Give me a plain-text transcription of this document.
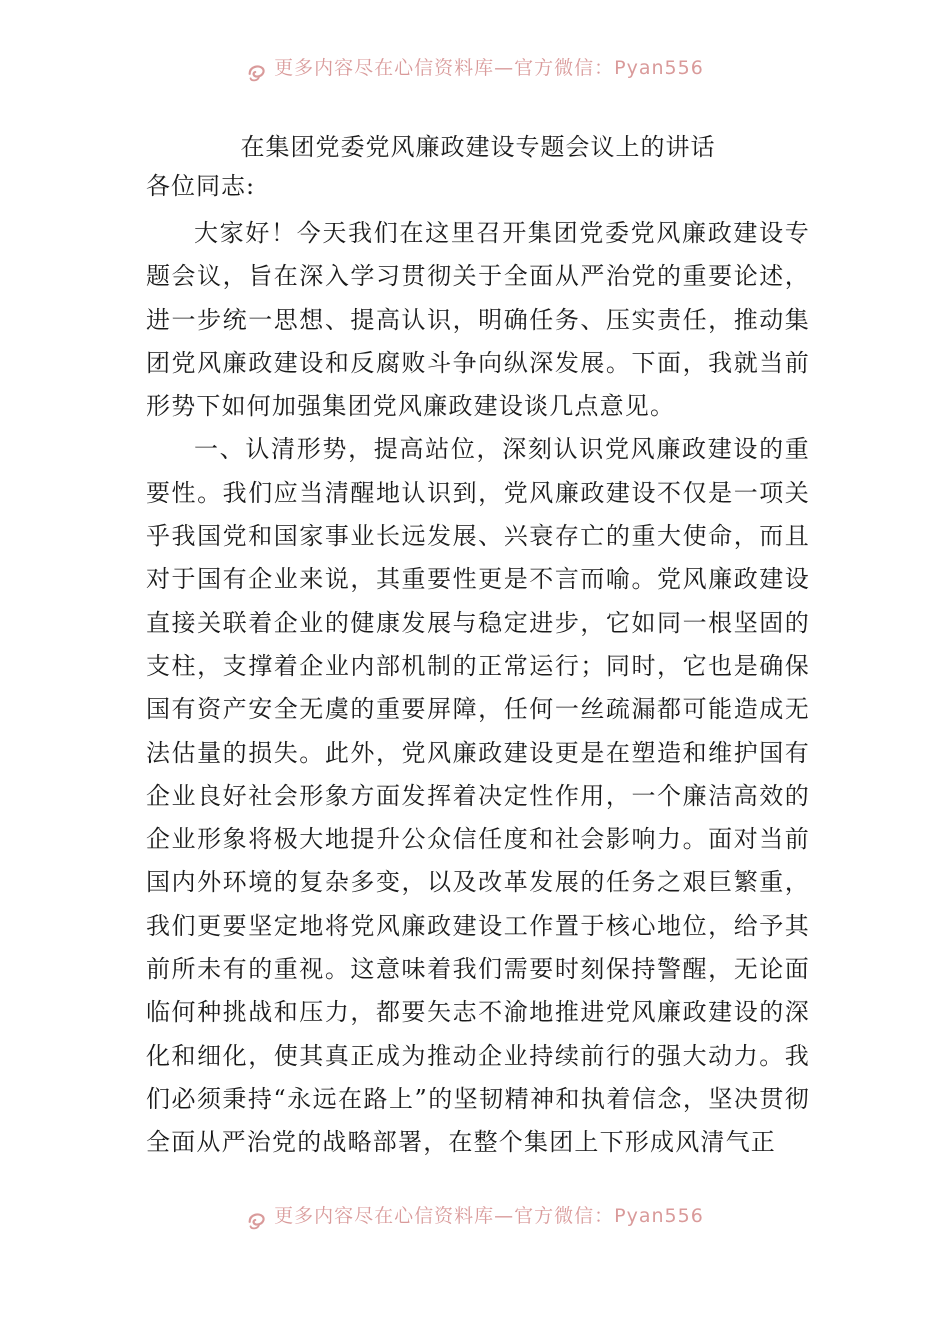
更多内容尽在心信资料库—官方微信：Pyan556
在集团党委党风廉政建设专题会议上的讲话
各位同志:

大家好！今天我们在这里召开集团党委党风廉政建设专题会议，旨在深入学习贯彻关于全面从严治党的重要论述，进一步统一思想、提高认识，明确任务、压实责任，推动集团党风廉政建设和反腐败斗争向纵深发展。下面，我就当前形势下如何加强集团党风廉政建设谈几点意见。

一、认清形势，提高站位，深刻认识党风廉政建设的重要性。我们应当清醒地认识到，党风廉政建设不仅是一项关乎我国党和国家事业长远发展、兴衰存亡的重大使命，而且对于国有企业来说，其重要性更是不言而喻。党风廉政建设直接关联着企业的健康发展与稳定进步，它如同一根坚固的支柱，支撑着企业内部机制的正常运行；同时，它也是确保国有资产安全无虞的重要屏障，任何一丝疏漏都可能造成无法估量的损失。此外，党风廉政建设更是在塑造和维护国有企业良好社会形象方面发挥着决定性作用，一个廉洁高效的企业形象将极大地提升公众信任度和社会影响力。面对当前国内外环境的复杂多变，以及改革发展的任务之艰巨繁重，我们更要坚定地将党风廉政建设工作置于核心地位，给予其前所未有的重视。这意味着我们需要时刻保持警醒，无论面临何种挑战和压力，都要矢志不渝地推进党风廉政建设的深化和细化，使其真正成为推动企业持续前行的强大动力。我们必须秉持“永远在路上”的坚韧精神和执着信念，坚决贯彻全面从严治党的战略部署，在整个集团上下形成风清气正

更多内容尽在心信资料库—官方微信：Pyan556
